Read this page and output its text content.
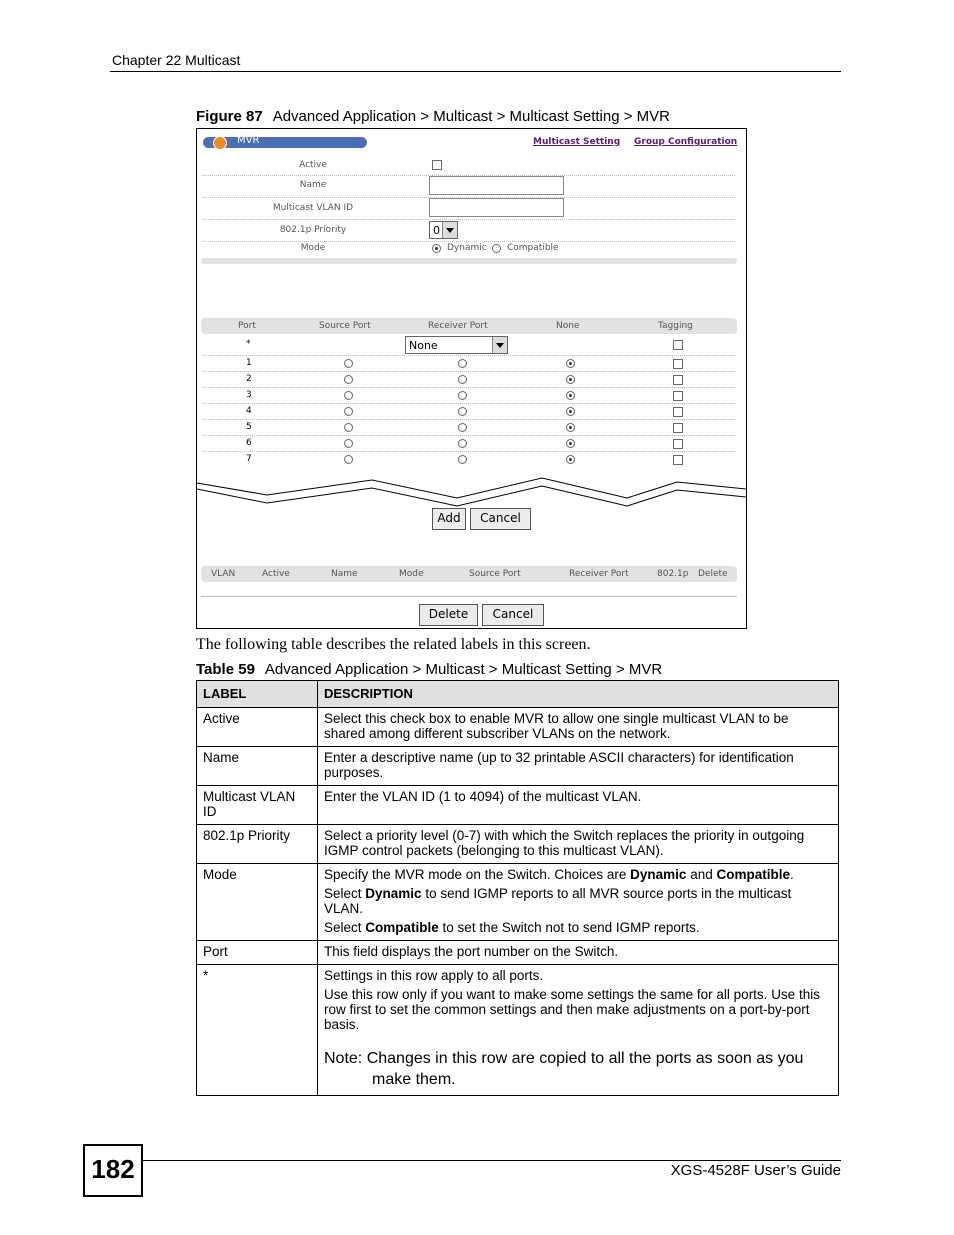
Chapter 22 Multicast
Figure 87 Advanced Application > Multicast > Multicast Setting > MVR
MVR	Multicast Setting Group Configuration
Active
Name
Multicast VLAN ID
802.1p Priority	0
Mode	Dynamic Compatible
Port	Source Port	Receiver Port	None	Tagging
*	None
1
2
3
4
5
6
7
Add	Cancel
VLAN	Active	Name	Mode	Source Port	Receiver Port	802.1p Delete
Delete	Cancel
The following table describes the related labels in this screen.
Table 59 Advanced Application > Multicast > Multicast Setting > MVR
LABEL	DESCRIPTION
Active	Select this check box to enable MVR to allow one single multicast VLAN to be shared among different subscriber VLANs on the network.
Name	Enter a descriptive name (up to 32 printable ASCII characters) for identification purposes.
Multicast VLAN ID	Enter the VLAN ID (1 to 4094) of the multicast VLAN.
802.1p Priority	Select a priority level (0-7) with which the Switch replaces the priority in outgoing IGMP control packets (belonging to this multicast VLAN).
Mode	Specify the MVR mode on the Switch. Choices are Dynamic and Compatible.

Select Dynamic to send IGMP reports to all MVR source ports in the multicast VLAN.

Select Compatible to set the Switch not to send IGMP reports.

Port	This field displays the port number on the Switch.
*	Settings in this row apply to all ports.

Use this row only if you want to make some settings the same for all ports. Use this row first to set the common settings and then make adjustments on a port-by-port basis.

Note: Changes in this row are copied to all the ports as soon as you make them.

182	XGS-4528F User’s Guide
